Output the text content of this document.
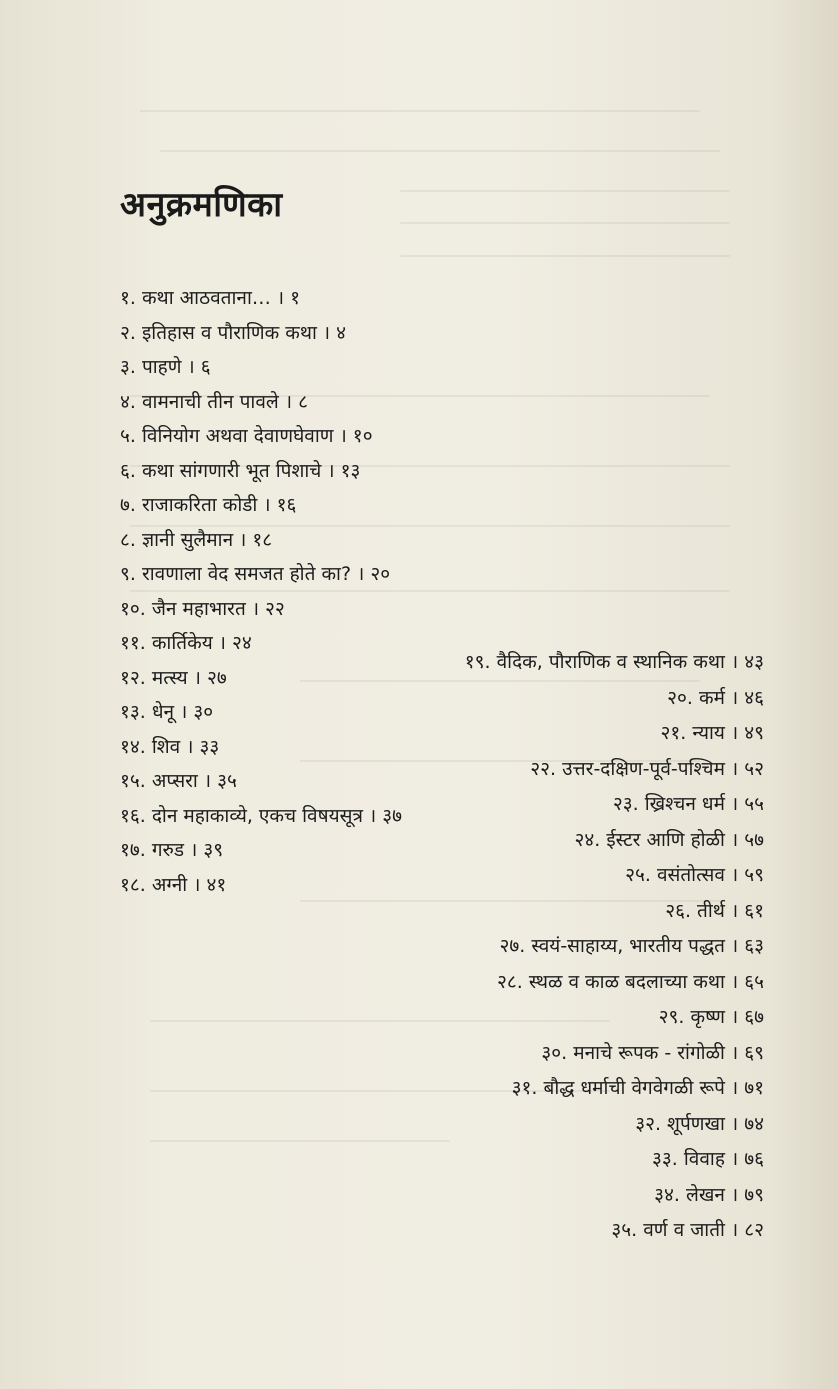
अनुक्रमणिका
१. कथा आठवताना… । १
२. इतिहास व पौराणिक कथा । ४
३. पाहणे । ६
४. वामनाची तीन पावले । ८
५. विनियोग अथवा देवाणघेवाण । १०
६. कथा सांगणारी भूत पिशाचे । १३
७. राजाकरिता कोडी । १६
८. ज्ञानी सुलैमान । १८
९. रावणाला वेद समजत होते का? । २०
१०. जैन महाभारत । २२
११. कार्तिकेय । २४
१२. मत्स्य । २७
१३. धेनू । ३०
१४. शिव । ३३
१५. अप्सरा । ३५
१६. दोन महाकाव्ये, एकच विषयसूत्र । ३७
१७. गरुड । ३९
१८. अग्नी । ४१
१९. वैदिक, पौराणिक व स्थानिक कथा । ४३
२०. कर्म । ४६
२१. न्याय । ४९
२२. उत्तर-दक्षिण-पूर्व-पश्चिम । ५२
२३. ख्रिश्चन धर्म । ५५
२४. ईस्टर आणि होळी । ५७
२५. वसंतोत्सव । ५९
२६. तीर्थ । ६१
२७. स्वयं-साहाय्य, भारतीय पद्धत । ६३
२८. स्थळ व काळ बदलाच्या कथा । ६५
२९. कृष्ण । ६७
३०. मनाचे रूपक - रांगोळी । ६९
३१. बौद्ध धर्माची वेगवेगळी रूपे । ७१
३२. शूर्पणखा । ७४
३३. विवाह । ७६
३४. लेखन । ७९
३५. वर्ण व जाती । ८२
